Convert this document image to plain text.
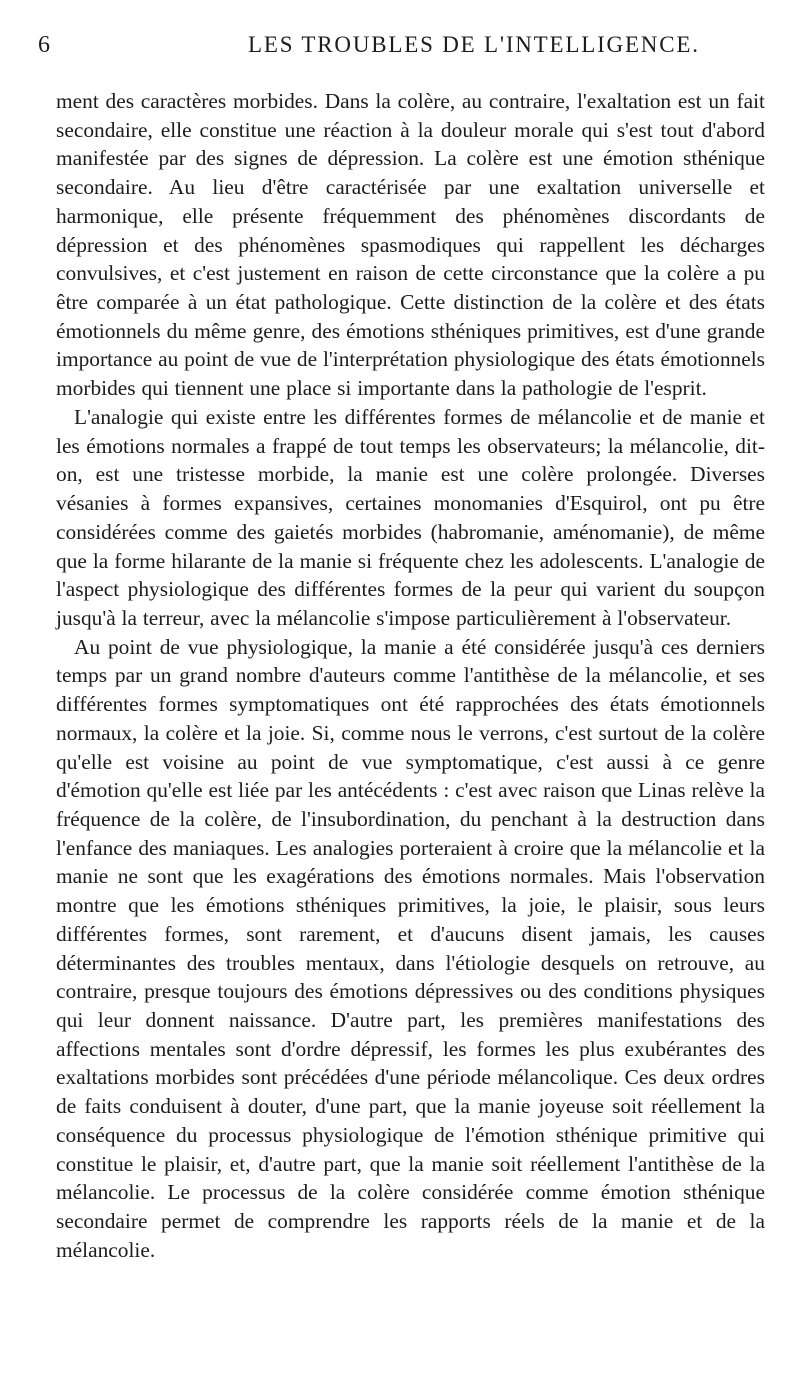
6	LES TROUBLES DE L'INTELLIGENCE.

ment des caractères morbides. Dans la colère, au contraire, l'exaltation est un fait secondaire, elle constitue une réaction à la douleur morale qui s'est tout d'abord manifestée par des signes de dépression. La colère est une émotion sthénique secondaire. Au lieu d'être caractérisée par une exaltation universelle et harmonique, elle présente fréquemment des phénomènes discordants de dépression et des phénomènes spasmodiques qui rappellent les décharges convulsives, et c'est justement en raison de cette circonstance que la colère a pu être comparée à un état pathologique. Cette distinction de la colère et des états émotionnels du même genre, des émotions sthéniques primitives, est d'une grande importance au point de vue de l'interprétation physiologique des états émotionnels morbides qui tiennent une place si importante dans la pathologie de l'esprit.

L'analogie qui existe entre les différentes formes de mélancolie et de manie et les émotions normales a frappé de tout temps les observateurs; la mélancolie, dit-on, est une tristesse morbide, la manie est une colère prolongée. Diverses vésanies à formes expansives, certaines monomanies d'Esquirol, ont pu être considérées comme des gaietés morbides (habromanie, aménomanie), de même que la forme hilarante de la manie si fréquente chez les adolescents. L'analogie de l'aspect physiologique des différentes formes de la peur qui varient du soupçon jusqu'à la terreur, avec la mélancolie s'impose particulièrement à l'observateur.

Au point de vue physiologique, la manie a été considérée jusqu'à ces derniers temps par un grand nombre d'auteurs comme l'antithèse de la mélancolie, et ses différentes formes symptomatiques ont été rapprochées des états émotionnels normaux, la colère et la joie. Si, comme nous le verrons, c'est surtout de la colère qu'elle est voisine au point de vue symptomatique, c'est aussi à ce genre d'émotion qu'elle est liée par les antécédents : c'est avec raison que Linas relève la fréquence de la colère, de l'insubordination, du penchant à la destruction dans l'enfance des maniaques. Les analogies porteraient à croire que la mélancolie et la manie ne sont que les exagérations des émotions normales. Mais l'observation montre que les émotions sthéniques primitives, la joie, le plaisir, sous leurs différentes formes, sont rarement, et d'aucuns disent jamais, les causes déterminantes des troubles mentaux, dans l'étiologie desquels on retrouve, au contraire, presque toujours des émotions dépressives ou des conditions physiques qui leur donnent naissance. D'autre part, les premières manifestations des affections mentales sont d'ordre dépressif, les formes les plus exubérantes des exaltations morbides sont précédées d'une période mélancolique. Ces deux ordres de faits conduisent à douter, d'une part, que la manie joyeuse soit réellement la conséquence du processus physiologique de l'émotion sthénique primitive qui constitue le plaisir, et, d'autre part, que la manie soit réellement l'antithèse de la mélancolie. Le processus de la colère considérée comme émotion sthénique secondaire permet de comprendre les rapports réels de la manie et de la mélancolie.
